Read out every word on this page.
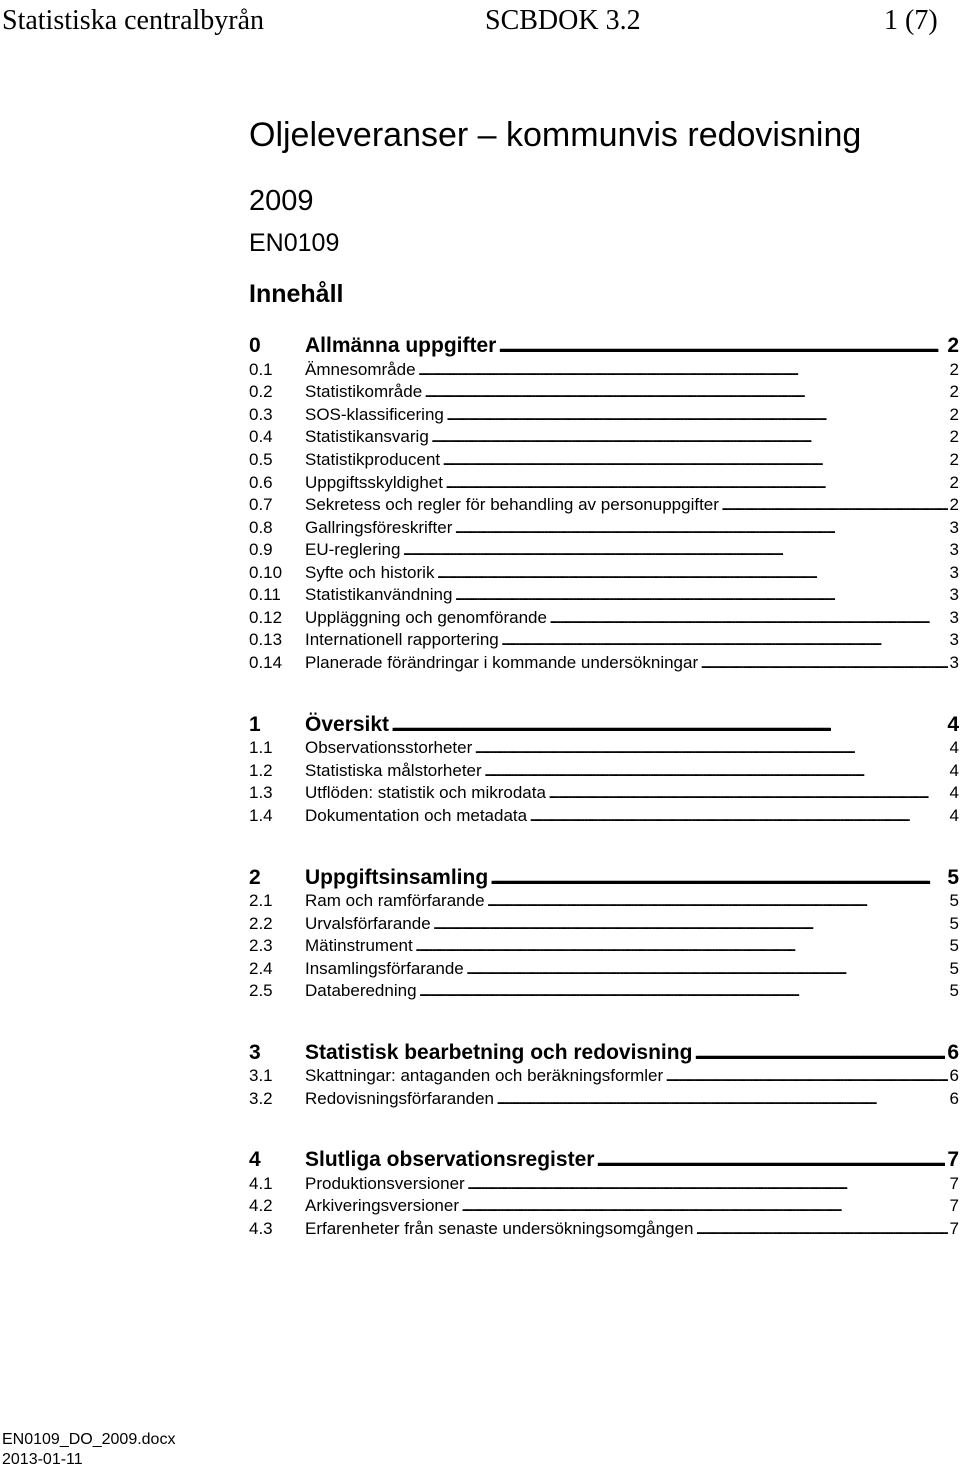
Statistiska centralbyrån	SCBDOK 3.2	1 (7)
Oljeleveranser – kommunvis redovisning
2009
EN0109
Innehåll
0	Allmänna uppgifter . . .	2
0.1	Ämnesområde . . .	2
0.2	Statistikområde . . .	2
0.3	SOS-klassificering . . .	2
0.4	Statistikansvarig . . .	2
0.5	Statistikproducent . . .	2
0.6	Uppgiftsskyldighet . . .	2
0.7	Sekretess och regler för behandling av personuppgifter . . .	2
0.8	Gallringsföreskrifter . . .	3
0.9	EU-reglering . . .	3
0.10	Syfte och historik . . .	3
0.11	Statistikanvändning . . .	3
0.12	Uppläggning och genomförande . . .	3
0.13	Internationell rapportering . . .	3
0.14	Planerade förändringar i kommande undersökningar . . .	3
1	Översikt . . .	4
1.1	Observationsstorheter . . .	4
1.2	Statistiska målstorheter . . .	4
1.3	Utflöden: statistik och mikrodata . . .	4
1.4	Dokumentation och metadata . . .	4
2	Uppgiftsinsamling . . .	5
2.1	Ram och ramförfarande . . .	5
2.2	Urvalsförfarande . . .	5
2.3	Mätinstrument . . .	5
2.4	Insamlingsförfarande . . .	5
2.5	Databeredning . . .	5
3	Statistisk bearbetning och redovisning . . .	6
3.1	Skattningar: antaganden och beräkningsformler . . .	6
3.2	Redovisningsförfaranden . . .	6
4	Slutliga observationsregister . . .	7
4.1	Produktionsversioner . . .	7
4.2	Arkiveringsversioner . . .	7
4.3	Erfarenheter från senaste undersökningsomgången . . .	7
EN0109_DO_2009.docx
2013-01-11
